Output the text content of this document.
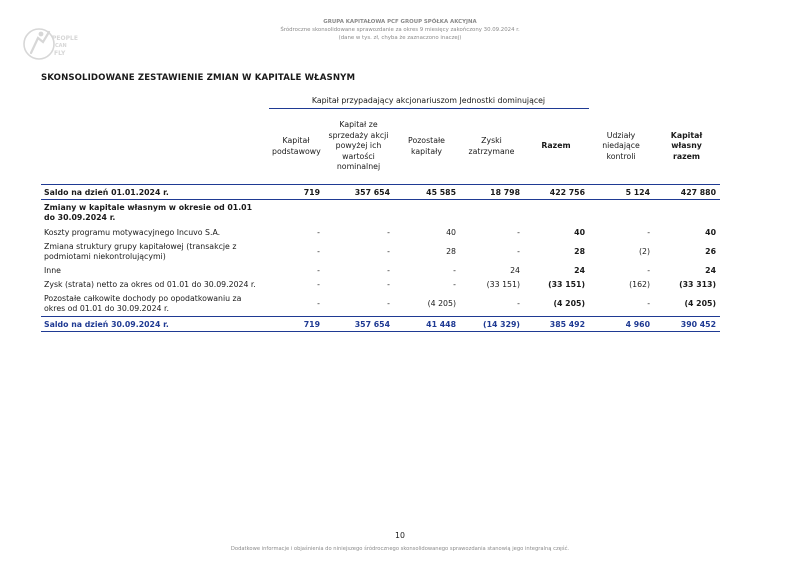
PEOPLE
CAN
FLY
GRUPA KAPITAŁOWA PCF GROUP SPÓŁKA AKCYJNA
Śródroczne skonsolidowane sprawozdanie za okres 9 miesięcy zakończony 30.09.2024 r.
(dane w tys. zł, chyba że zaznaczono inaczej)
SKONSOLIDOWANE ZESTAWIENIE ZMIAN W KAPITALE WŁASNYM
	Kapitał przypadający akcjonariuszom Jednostki dominującej						
	Kapitał podstawowy	Kapitał ze sprzedaży akcji powyżej ich wartości nominalnej	Pozostałe kapitały	Zyski zatrzymane	Razem	Udziały niedające kontroli	Kapitał własny razem
Saldo na dzień 01.01.2024 r.	719	357 654	45 585	18 798	422 756	5 124	427 880
Zmiany w kapitale własnym w okresie od 01.01 do 30.09.2024 r.							
Koszty programu motywacyjnego Incuvo S.A.	-	-	40	-	40	-	40
Zmiana struktury grupy kapitałowej (transakcje z podmiotami niekontrolującymi)	-	-	28	-	28	(2)	26
Inne	-	-	-	24	24	-	24
Zysk (strata) netto za okres od 01.01 do 30.09.2024 r.	-	-	-	(33 151)	(33 151)	(162)	(33 313)
Pozostałe całkowite dochody po opodatkowaniu za okres od 01.01 do 30.09.2024 r.	-	-	(4 205)	-	(4 205)	-	(4 205)
Saldo na dzień 30.09.2024 r.	719	357 654	41 448	(14 329)	385 492	4 960	390 452
10
Dodatkowe informacje i objaśnienia do niniejszego śródrocznego skonsolidowanego sprawozdania stanowią jego integralną część.
